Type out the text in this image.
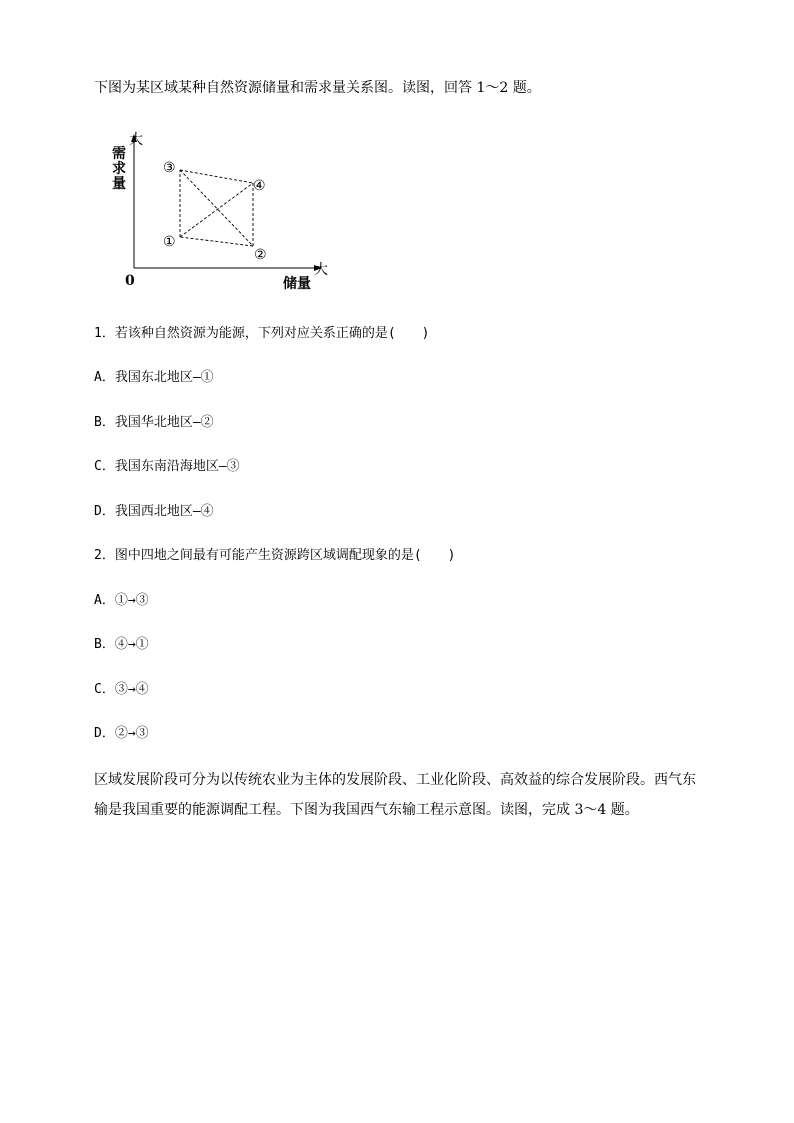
下图为某区域某种自然资源储量和需求量关系图。读图，回答 1～2 题。
③
④
①
②
大
需
求
量
大
储量
0
1．若该种自然资源为能源，下列对应关系正确的是(　　)
A．我国东北地区—①
B．我国华北地区—②
C．我国东南沿海地区—③
D．我国西北地区—④
2．图中四地之间最有可能产生资源跨区域调配现象的是(　　)
A．①→③
B．④→①
C．③→④
D．②→③
区域发展阶段可分为以传统农业为主体的发展阶段、工业化阶段、高效益的综合发展阶段。西气东输是我国重要的能源调配工程。下图为我国西气东输工程示意图。读图，完成 3～4 题。
